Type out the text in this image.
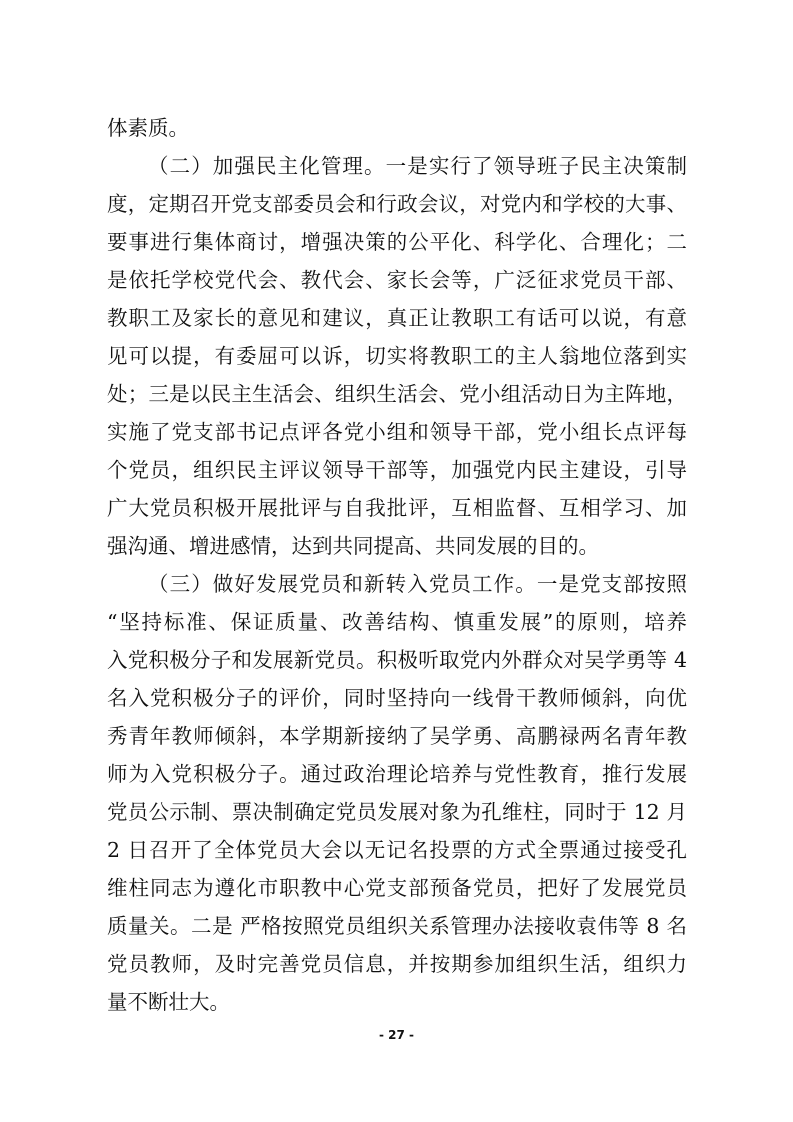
体素质。
（二）加强民主化管理。一是实行了领导班子民主决策制
度，定期召开党支部委员会和行政会议，对党内和学校的大事、
要事进行集体商讨，增强决策的公平化、科学化、合理化；二
是依托学校党代会、教代会、家长会等，广泛征求党员干部、
教职工及家长的意见和建议，真正让教职工有话可以说，有意
见可以提，有委屈可以诉，切实将教职工的主人翁地位落到实
处；三是以民主生活会、组织生活会、党小组活动日为主阵地，
实施了党支部书记点评各党小组和领导干部，党小组长点评每
个党员，组织民主评议领导干部等，加强党内民主建设，引导
广大党员积极开展批评与自我批评，互相监督、互相学习、加
强沟通、增进感情，达到共同提高、共同发展的目的。
（三）做好发展党员和新转入党员工作。一是党支部按照
“坚持标准、保证质量、改善结构、慎重发展”的原则，培养
入党积极分子和发展新党员。积极听取党内外群众对吴学勇等 4
名入党积极分子的评价，同时坚持向一线骨干教师倾斜，向优
秀青年教师倾斜，本学期新接纳了吴学勇、高鹏禄两名青年教
师为入党积极分子。通过政治理论培养与党性教育，推行发展
党员公示制、票决制确定党员发展对象为孔维柱，同时于 12 月
2 日召开了全体党员大会以无记名投票的方式全票通过接受孔
维柱同志为遵化市职教中心党支部预备党员，把好了发展党员
质量关。二是 严格按照党员组织关系管理办法接收袁伟等 8 名
党员教师，及时完善党员信息，并按期参加组织生活，组织力
量不断壮大。
- 27 -
